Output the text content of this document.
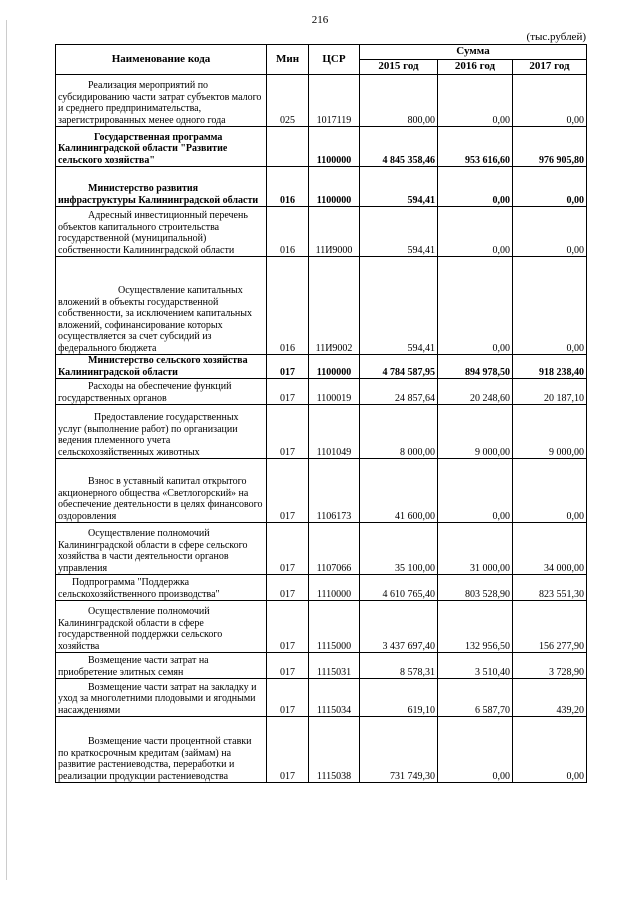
216
(тыс.рублей)
Наименование кода	Мин	ЦСР	Сумма		
			2015 год	2016 год	2017 год
Реализация мероприятий по субсидированию части затрат субъектов малого и среднего предпринимательства, зарегистрированных менее одного года	025	1017119	800,00	0,00	0,00
Государственная программа Калининградской области "Развитие сельского хозяйства"		1100000	4 845 358,46	953 616,60	976 905,80
Министерство развития инфраструктуры Калининградской области	016	1100000	594,41	0,00	0,00
Адресный инвестиционный перечень объектов капитального строительства государственной (муниципальной) собственности Калининградской области	016	11И9000	594,41	0,00	0,00
Осуществление капитальных вложений в объекты государственной собственности, за исключением капитальных вложений, софинансирование которых осуществляется за счет субсидий из федерального бюджета	016	11И9002	594,41	0,00	0,00
Министерство сельского хозяйства Калининградской области	017	1100000	4 784 587,95	894 978,50	918 238,40
Расходы на обеспечение функций государственных органов	017	1100019	24 857,64	20 248,60	20 187,10
Предоставление государственных услуг (выполнение работ) по организации ведения племенного учета сельскохозяйственных животных	017	1101049	8 000,00	9 000,00	9 000,00
Взнос в уставный капитал открытого акционерного общества «Светлогорский» на обеспечение деятельности в целях финансового оздоровления	017	1106173	41 600,00	0,00	0,00
Осуществление полномочий Калининградской области в сфере сельского хозяйства в части деятельности органов управления	017	1107066	35 100,00	31 000,00	34 000,00
Подпрограмма "Поддержка сельскохозяйственного производства"	017	1110000	4 610 765,40	803 528,90	823 551,30
Осуществление полномочий Калининградской области в сфере государственной поддержки сельского хозяйства	017	1115000	3 437 697,40	132 956,50	156 277,90
Возмещение части затрат на приобретение элитных семян	017	1115031	8 578,31	3 510,40	3 728,90
Возмещение части затрат на закладку и уход за многолетними плодовыми и ягодными насаждениями	017	1115034	619,10	6 587,70	439,20
Возмещение части процентной ставки по краткосрочным кредитам (займам) на развитие растениеводства, переработки и реализации продукции растениеводства	017	1115038	731 749,30	0,00	0,00
